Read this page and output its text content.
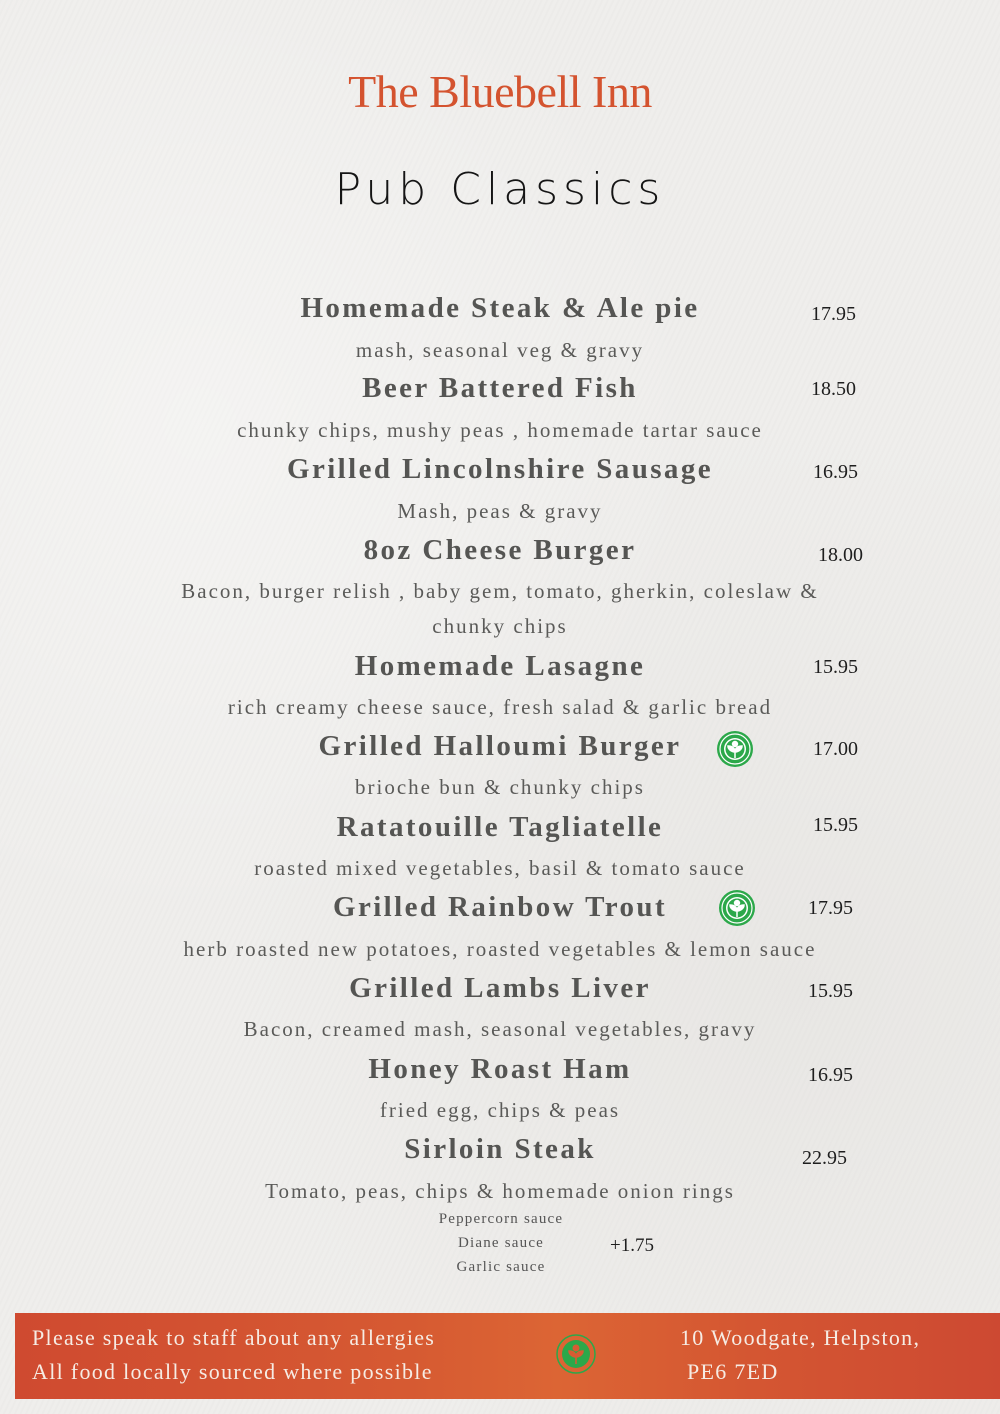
The Bluebell Inn
Pub Classics
Homemade Steak & Ale pie	17.95
mash, seasonal veg & gravy
Beer Battered Fish	18.50
chunky chips, mushy peas , homemade tartar sauce
Grilled Lincolnshire Sausage	16.95
Mash, peas & gravy
8oz Cheese Burger	18.00
Bacon, burger relish , baby gem, tomato, gherkin, coleslaw &
chunky chips
Homemade Lasagne	15.95
rich creamy cheese sauce, fresh salad & garlic bread
Grilled Halloumi Burger	17.00
brioche bun & chunky chips
Ratatouille Tagliatelle	15.95
roasted mixed vegetables, basil & tomato sauce
Grilled Rainbow Trout	17.95
herb roasted new potatoes, roasted vegetables & lemon sauce
Grilled Lambs Liver	15.95
Bacon, creamed mash, seasonal vegetables, gravy
Honey Roast Ham	16.95
fried egg, chips & peas
Sirloin Steak	22.95
Tomato, peas, chips & homemade onion rings
Peppercorn sauce
Diane sauce
Garlic sauce
+1.75
Please speak to staff about any allergies
All food locally sourced where possible
10 Woodgate, Helpston,
PE6 7ED
